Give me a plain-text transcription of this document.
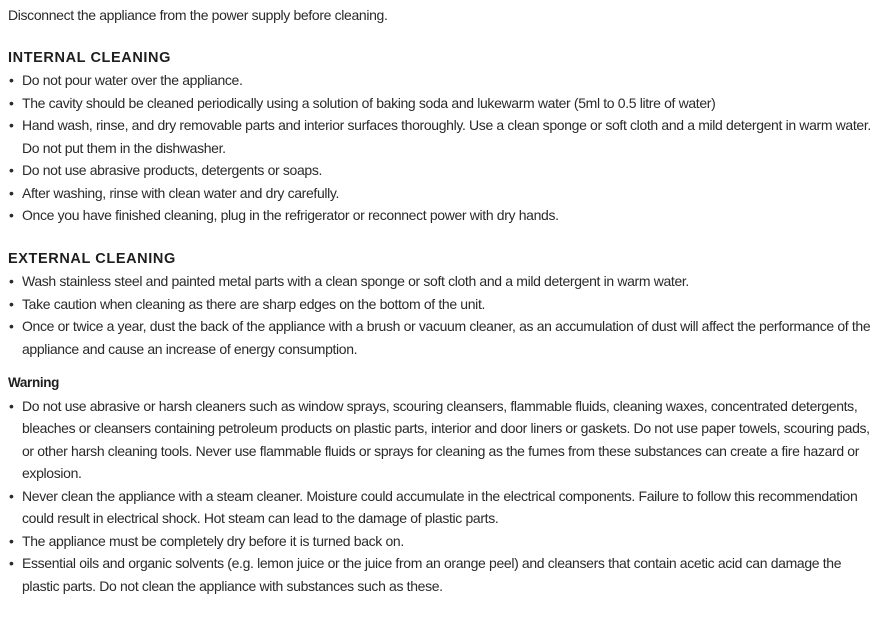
Disconnect the appliance from the power supply before cleaning.

INTERNAL CLEANING
• Do not pour water over the appliance.
• The cavity should be cleaned periodically using a solution of baking soda and lukewarm water (5ml to 0.5 litre of water)
• Hand wash, rinse, and dry removable parts and interior surfaces thoroughly. Use a clean sponge or soft cloth and a mild detergent in warm water. Do not put them in the dishwasher.
• Do not use abrasive products, detergents or soaps.
• After washing, rinse with clean water and dry carefully.
• Once you have finished cleaning, plug in the refrigerator or reconnect power with dry hands.
EXTERNAL CLEANING
• Wash stainless steel and painted metal parts with a clean sponge or soft cloth and a mild detergent in warm water.
• Take caution when cleaning as there are sharp edges on the bottom of the unit.
• Once or twice a year, dust the back of the appliance with a brush or vacuum cleaner, as an accumulation of dust will affect the performance of the appliance and cause an increase of energy consumption.
Warning
• Do not use abrasive or harsh cleaners such as window sprays, scouring cleansers, flammable fluids, cleaning waxes, concentrated detergents, bleaches or cleansers containing petroleum products on plastic parts, interior and door liners or gaskets. Do not use paper towels, scouring pads, or other harsh cleaning tools. Never use flammable fluids or sprays for cleaning as the fumes from these substances can create a fire hazard or explosion.
• Never clean the appliance with a steam cleaner. Moisture could accumulate in the electrical components. Failure to follow this recommendation could result in electrical shock. Hot steam can lead to the damage of plastic parts.
• The appliance must be completely dry before it is turned back on.
• Essential oils and organic solvents (e.g. lemon juice or the juice from an orange peel) and cleansers that contain acetic acid can damage the plastic parts. Do not clean the appliance with substances such as these.
